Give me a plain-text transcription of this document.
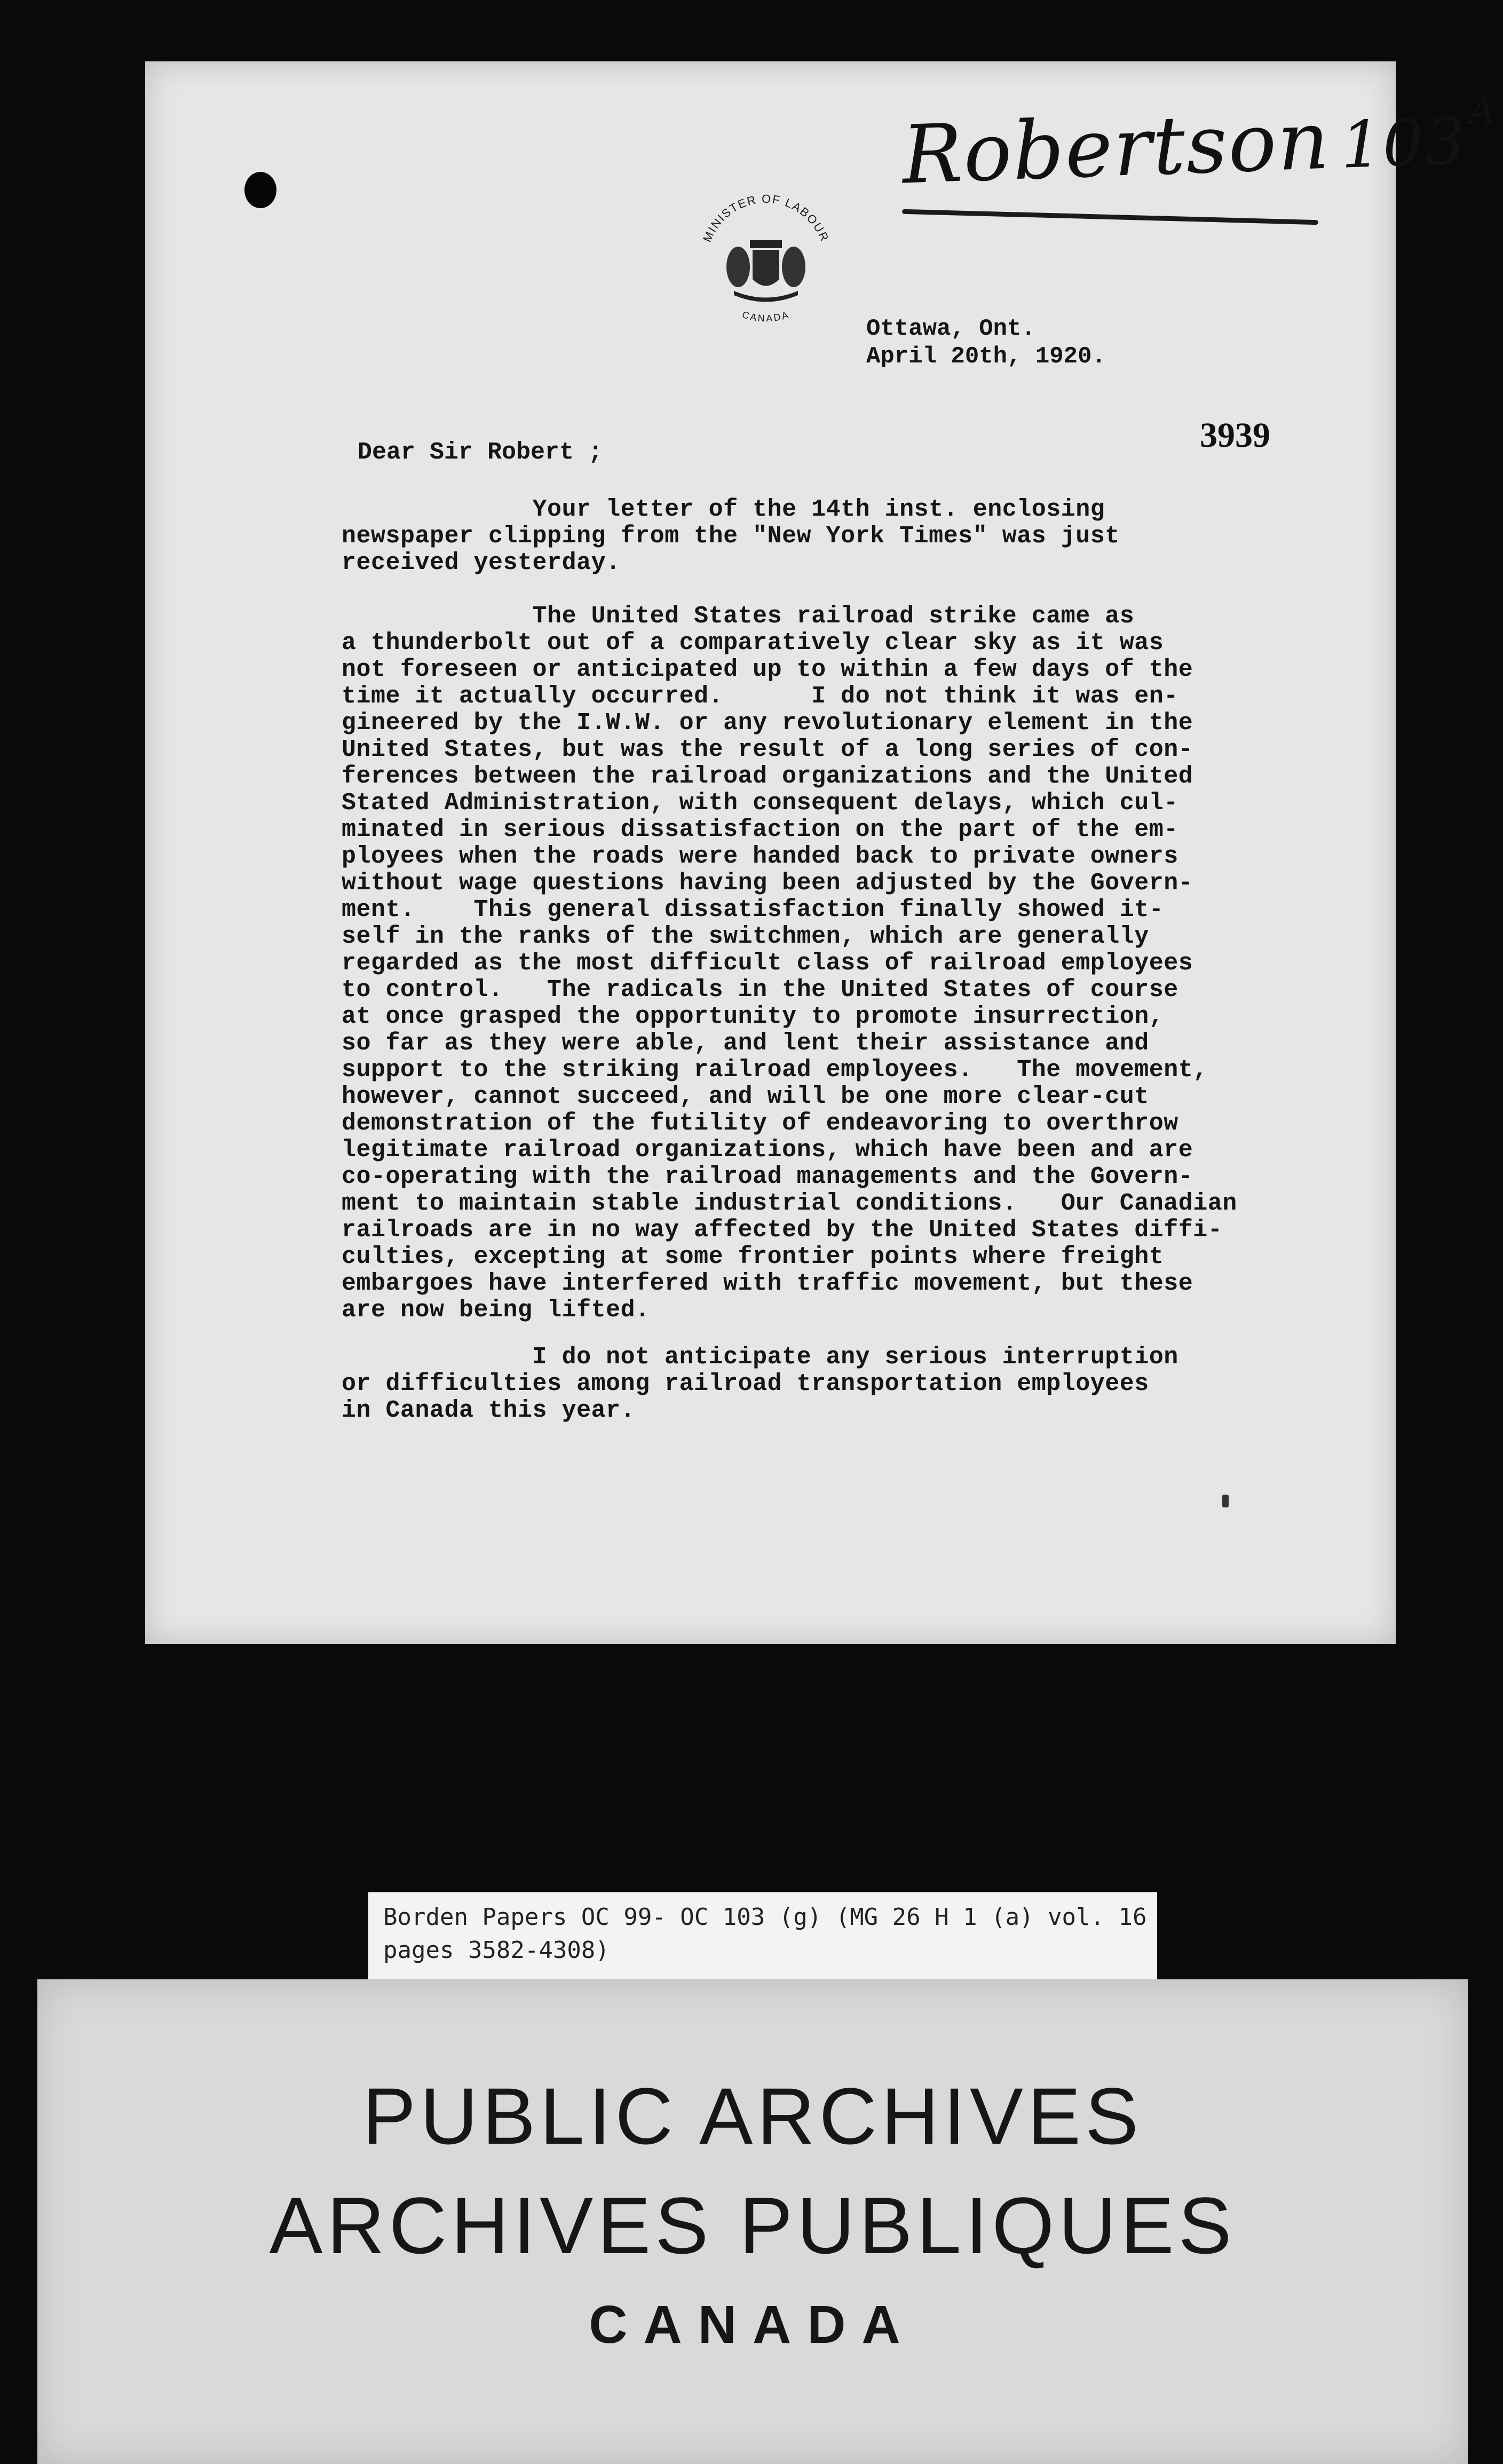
Robertson $103^A$
MINISTER OF LABOUR
CANADA
Ottawa, Ont.
April 20th, 1920.
3939
Dear Sir Robert ;
Your letter of the 14th inst. enclosing
newspaper clipping from the "New York Times" was just
received yesterday.
The United States railroad strike came as
a thunderbolt out of a comparatively clear sky as it was
not foreseen or anticipated up to within a few days of the
time it actually occurred.      I do not think it was en-
gineered by the I.W.W. or any revolutionary element in the
United States, but was the result of a long series of con-
ferences between the railroad organizations and the United
Stated Administration, with consequent delays, which cul-
minated in serious dissatisfaction on the part of the em-
ployees when the roads were handed back to private owners
without wage questions having been adjusted by the Govern-
ment.    This general dissatisfaction finally showed it-
self in the ranks of the switchmen, which are generally
regarded as the most difficult class of railroad employees
to control.   The radicals in the United States of course
at once grasped the opportunity to promote insurrection,
so far as they were able, and lent their assistance and
support to the striking railroad employees.   The movement,
however, cannot succeed, and will be one more clear-cut
demonstration of the futility of endeavoring to overthrow
legitimate railroad organizations, which have been and are
co-operating with the railroad managements and the Govern-
ment to maintain stable industrial conditions.   Our Canadian
railroads are in no way affected by the United States diffi-
culties, excepting at some frontier points where freight
embargoes have interfered with traffic movement, but these
are now being lifted.
I do not anticipate any serious interruption
or difficulties among railroad transportation employees
in Canada this year.
Borden Papers OC 99- OC 103 (g) (MG 26 H 1 (a) vol. 16
pages 3582-4308)
PUBLIC ARCHIVES
ARCHIVES PUBLIQUES
CANADA
